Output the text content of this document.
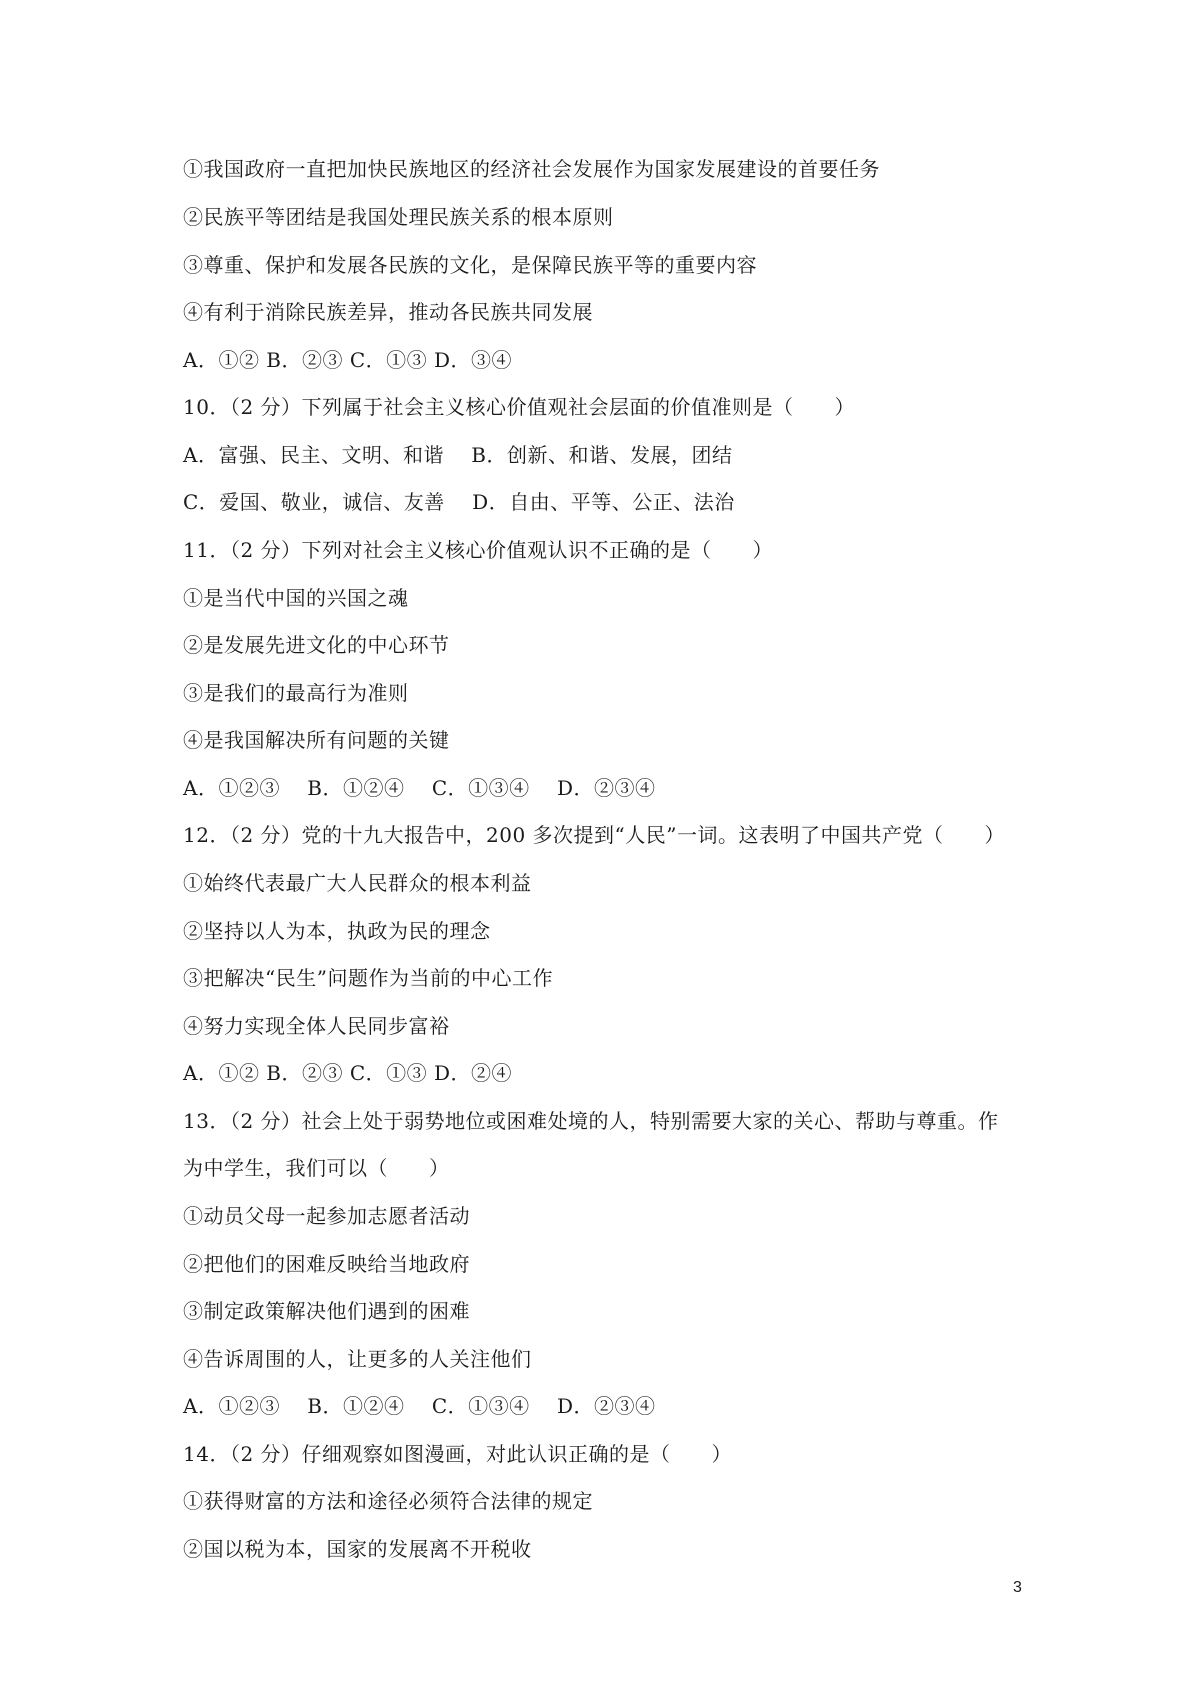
①我国政府一直把加快民族地区的经济社会发展作为国家发展建设的首要任务
②民族平等团结是我国处理民族关系的根本原则
③尊重、保护和发展各民族的文化，是保障民族平等的重要内容
④有利于消除民族差异，推动各民族共同发展
A．①② B．②③ C．①③ D．③④
10．（2 分）下列属于社会主义核心价值观社会层面的价值准则是（　　）
A．富强、民主、文明、和谐　 B．创新、和谐、发展，团结
C．爱国、敬业，诚信、友善　 D．自由、平等、公正、法治
11．（2 分）下列对社会主义核心价值观认识不正确的是（　　）
①是当代中国的兴国之魂
②是发展先进文化的中心环节
③是我们的最高行为准则
④是我国解决所有问题的关键
A．①②③　 B．①②④　 C．①③④　 D．②③④
12．（2 分）党的十九大报告中，200 多次提到“人民”一词。这表明了中国共产党（　　）
①始终代表最广大人民群众的根本利益
②坚持以人为本，执政为民的理念
③把解决“民生”问题作为当前的中心工作
④努力实现全体人民同步富裕
A．①② B．②③ C．①③ D．②④
13．（2 分）社会上处于弱势地位或困难处境的人，特别需要大家的关心、帮助与尊重。作
为中学生，我们可以（　　）
①动员父母一起参加志愿者活动
②把他们的困难反映给当地政府
③制定政策解决他们遇到的困难
④告诉周围的人，让更多的人关注他们
A．①②③　 B．①②④　 C．①③④　 D．②③④
14．（2 分）仔细观察如图漫画，对此认识正确的是（　　）
①获得财富的方法和途径必须符合法律的规定
②国以税为本，国家的发展离不开税收
3
